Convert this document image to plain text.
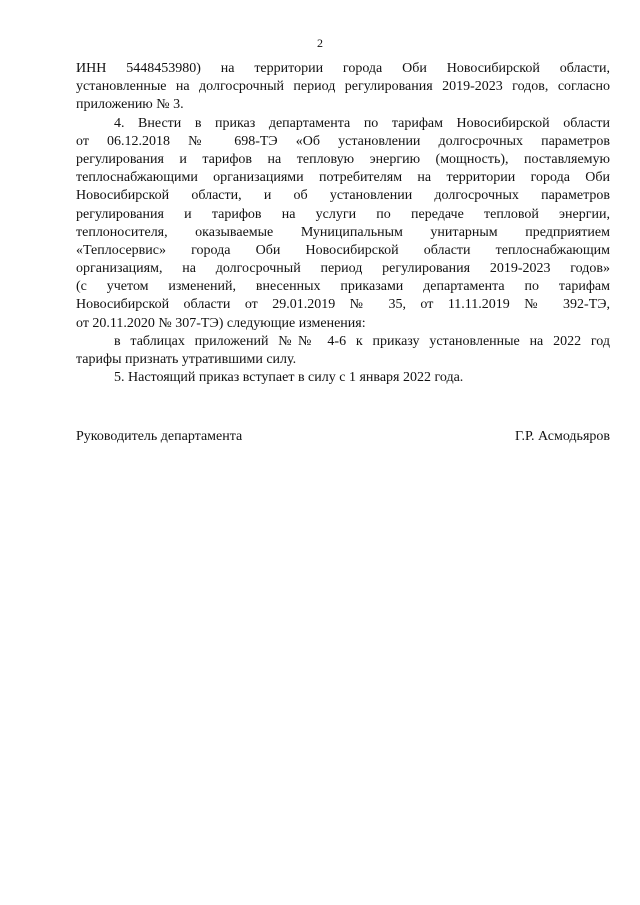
2
ИНН 5448453980) на территории города Оби Новосибирской области,
установленные на долгосрочный период регулирования 2019-2023 годов, согласно
приложению № 3.
4. Внести в приказ департамента по тарифам Новосибирской области
от 06.12.2018 № 698-ТЭ «Об установлении долгосрочных параметров
регулирования и тарифов на тепловую энергию (мощность), поставляемую
теплоснабжающими организациями потребителям на территории города Оби
Новосибирской области, и об установлении долгосрочных параметров
регулирования и тарифов на услуги по передаче тепловой энергии,
теплоносителя, оказываемые Муниципальным унитарным предприятием
«Теплосервис» города Оби Новосибирской области теплоснабжающим
организациям, на долгосрочный период регулирования 2019-2023 годов»
(с учетом изменений, внесенных приказами департамента по тарифам
Новосибирской области от 29.01.2019 № 35, от 11.11.2019 № 392-ТЭ,
от 20.11.2020 № 307-ТЭ) следующие изменения:
в таблицах приложений №№ 4-6 к приказу установленные на 2022 год
тарифы признать утратившими силу.
5. Настоящий приказ вступает в силу с 1 января 2022 года.
Руководитель департамента	Г.Р. Асмодьяров
